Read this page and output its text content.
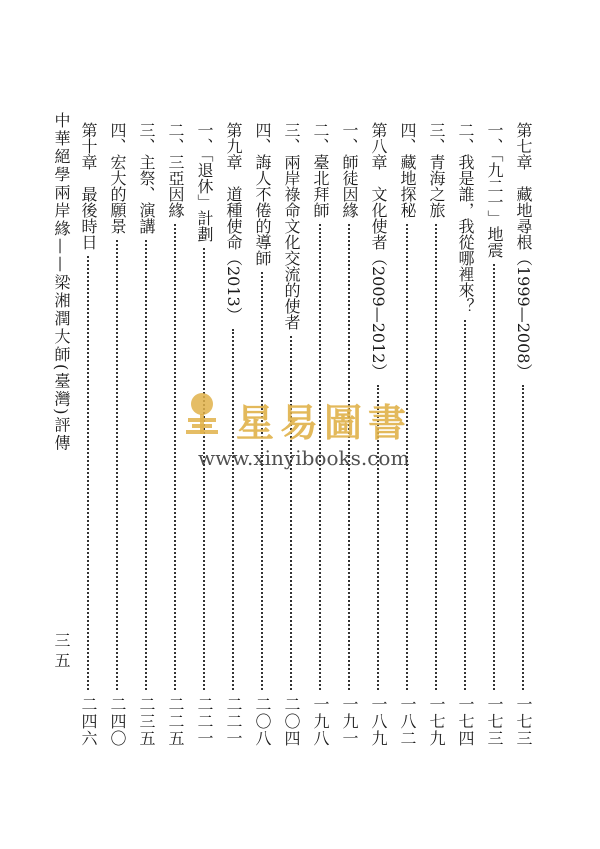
中華絕學兩岸緣——梁湘潤大師(臺灣)評傳
三五
第七章　藏地尋根（1999—2008）
一七三
一、「九二一」地震
一七三
二、我是誰，我從哪裡來？
一七四
三、青海之旅
一七九
四、藏地探秘
一八二
第八章　文化使者（2009—2012）
一八九
一、師徒因緣
一九一
二、臺北拜師
一九八
三、兩岸祿命文化交流的使者
二〇四
四、誨人不倦的導師
二〇八
第九章　道種使命（2013）
二二一
一、「退休」計劃
二二一
二、三亞因緣
二二五
三、主祭、演講
二三五
四、宏大的願景
二四〇
第十章　最後時日
二四六
星易圖書
www.xinyibooks.com
